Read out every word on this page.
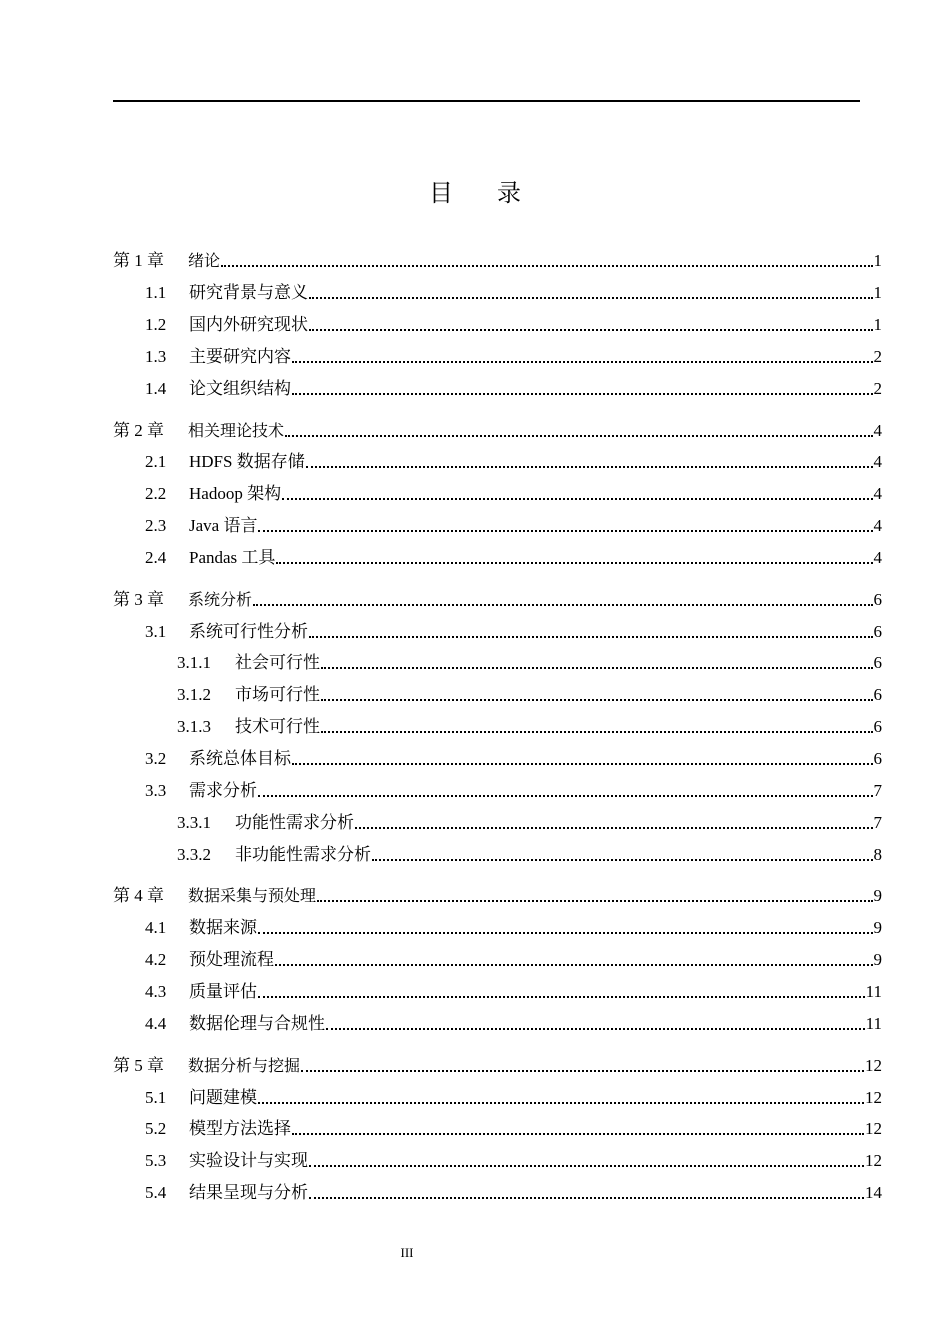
目 录
第 1 章	绪论	1
1.1	研究背景与意义	1
1.2	国内外研究现状	1
1.3	主要研究内容	2
1.4	论文组织结构	2
第 2 章	相关理论技术	4
2.1	HDFS 数据存储	4
2.2	Hadoop 架构	4
2.3	Java 语言	4
2.4	Pandas 工具	4
第 3 章	系统分析	6
3.1	系统可行性分析	6
3.1.1	社会可行性	6
3.1.2	市场可行性	6
3.1.3	技术可行性	6
3.2	系统总体目标	6
3.3	需求分析	7
3.3.1	功能性需求分析	7
3.3.2	非功能性需求分析	8
第 4 章	数据采集与预处理	9
4.1	数据来源	9
4.2	预处理流程	9
4.3	质量评估	11
4.4	数据伦理与合规性	11
第 5 章	数据分析与挖掘	12
5.1	问题建模	12
5.2	模型方法选择	12
5.3	实验设计与实现	12
5.4	结果呈现与分析	14
III
